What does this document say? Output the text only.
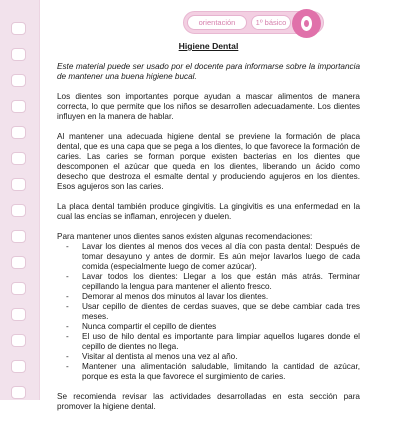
orientación	1º básico
Higiene Dental

Este material puede ser usado por el docente para informarse sobre la importancia de mantener una buena higiene bucal.

Los dientes son importantes porque ayudan a mascar alimentos de manera correcta, lo que permite que los niños se desarrollen adecuadamente. Los dientes influyen en la manera de hablar.

Al mantener una adecuada higiene dental se previene la formación de placa dental, que es una capa que se pega a los dientes, lo que favorece la formación de caries. Las caries se forman porque existen bacterias en los dientes que descomponen el azúcar que queda en los dientes, liberando un ácido como desecho que destroza el esmalte dental y produciendo agujeros en los dientes. Esos agujeros son las caries.

La placa dental también produce gingivitis. La gingivitis es una enfermedad en la cual las encías se inflaman, enrojecen y duelen.

Para mantener unos dientes sanos existen algunas recomendaciones:
- Lavar los dientes al menos dos veces al día con pasta dental: Después de tomar desayuno y antes de dormir. Es aún mejor lavarlos luego de cada comida (especialmente luego de comer azúcar).
- Lavar todos los dientes: Llegar a los que están más atrás. Terminar cepillando la lengua para mantener el aliento fresco.
- Demorar al menos dos minutos al lavar los dientes.
- Usar cepillo de dientes de cerdas suaves, que se debe cambiar cada tres meses.
- Nunca compartir el cepillo de dientes
- El uso de hilo dental es importante para limpiar aquellos lugares donde el cepillo de dientes no llega.
- Visitar al dentista al menos una vez al año.
- Mantener una alimentación saludable, limitando la cantidad de azúcar, porque es esta la que favorece el surgimiento de caries.

Se recomienda revisar las actividades desarrolladas en esta sección para promover la higiene dental.
